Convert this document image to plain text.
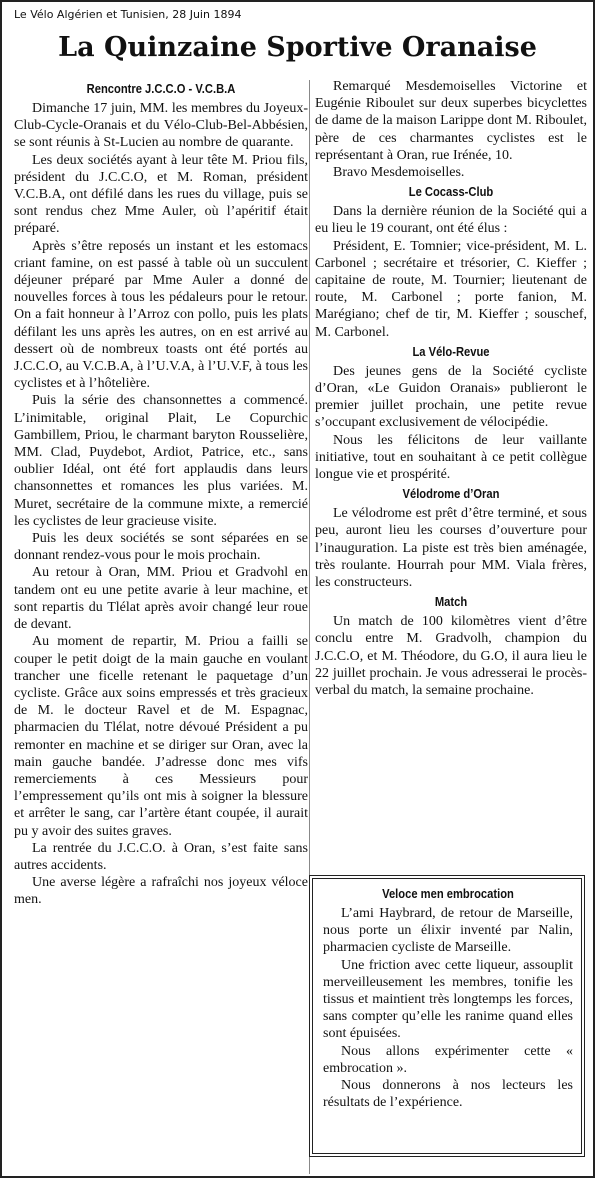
Le Vélo Algérien et Tunisien, 28 Juin 1894
La Quinzaine Sportive Oranaise
Rencontre J.C.C.O - V.C.B.A

Dimanche 17 juin, MM. les membres du Joyeux-Club-Cycle-Oranais et du Vélo-Club-Bel-Abbésien, se sont réunis à St-Lucien au nombre de quarante.

Les deux sociétés ayant à leur tête M. Priou fils, président du J.C.C.O, et M. Roman, président V.C.B.A, ont défilé dans les rues du village, puis se sont rendus chez Mme Auler, où l’apéritif était préparé.

Après s’être reposés un instant et les estomacs criant famine, on est passé à table où un succulent déjeuner préparé par Mme Auler a donné de nouvelles forces à tous les pédaleurs pour le retour. On a fait honneur à l’Arroz con pollo, puis les plats défilant les uns après les autres, on en est arrivé au dessert où de nombreux toasts ont été portés au J.C.C.O, au V.C.B.A, à l’U.V.A, à l’U.V.F, à tous les cyclistes et à l’hôtelière.

Puis la série des chansonnettes a commencé. L’inimitable, original Plait, Le Copurchic Gambillem, Priou, le charmant baryton Rousselière, MM. Clad, Puydebot, Ardiot, Patrice, etc., sans oublier Idéal, ont été fort applaudis dans leurs chansonnettes et romances les plus variées. M. Muret, secrétaire de la commune mixte, a remercié les cyclistes de leur gracieuse visite.

Puis les deux sociétés se sont séparées en se donnant rendez-vous pour le mois prochain.

Au retour à Oran, MM. Priou et Gradvohl en tandem ont eu une petite avarie à leur machine, et sont repartis du Tlélat après avoir changé leur roue de devant.

Au moment de repartir, M. Priou a failli se couper le petit doigt de la main gauche en voulant trancher une ficelle retenant le paquetage d’un cycliste. Grâce aux soins empressés et très gracieux de M. le docteur Ravel et de M. Espagnac, pharmacien du Tlélat, notre dévoué Président a pu remonter en machine et se diriger sur Oran, avec la main gauche bandée. J’adresse donc mes vifs remerciements à ces Messieurs pour l’empressement qu’ils ont mis à soigner la blessure et arrêter le sang, car l’artère étant coupée, il aurait pu y avoir des suites graves.

La rentrée du J.C.C.O. à Oran, s’est faite sans autres accidents.

Une averse légère a rafraîchi nos joyeux véloce men.

Remarqué Mesdemoiselles Victorine et Eugénie Riboulet sur deux superbes bicyclettes de dame de la maison Larippe dont M. Riboulet, père de ces charmantes cyclistes est le représentant à Oran, rue Irénée, 10.

Bravo Mesdemoiselles.

Le Cocass-Club

Dans la dernière réunion de la Société qui a eu lieu le 19 courant, ont été élus :

Président, E. Tomnier; vice-président, M. L. Carbonel ; secrétaire et trésorier, C. Kieffer ; capitaine de route, M. Tournier; lieutenant de route, M. Carbonel ; porte fanion, M. Marégiano; chef de tir, M. Kieffer ; souschef, M. Carbonel.

La Vélo-Revue

Des jeunes gens de la Société cycliste d’Oran, «Le Guidon Oranais» publieront le premier juillet prochain, une petite revue s’occupant exclusivement de vélocipédie.

Nous les félicitons de leur vaillante initiative, tout en souhaitant à ce petit collègue longue vie et prospérité.

Vélodrome d’Oran

Le vélodrome est prêt d’être terminé, et sous peu, auront lieu les courses d’ouverture pour l’inauguration. La piste est très bien aménagée, très roulante. Hourrah pour MM. Viala frères, les constructeurs.

Match

Un match de 100 kilomètres vient d’être conclu entre M. Gradvolh, champion du J.C.C.O, et M. Théodore, du G.O, il aura lieu le 22 juillet prochain. Je vous adresserai le procès-verbal du match, la semaine prochaine.

Veloce men embrocation

L’ami Haybrard, de retour de Marseille, nous porte un élixir inventé par Nalin, pharmacien cycliste de Marseille.

Une friction avec cette liqueur, assouplit merveilleusement les membres, tonifie les tissus et maintient très longtemps les forces, sans compter qu’elle les ranime quand elles sont épuisées.

Nous allons expérimenter cette « embrocation ».

Nous donnerons à nos lecteurs les résultats de l’expérience.
